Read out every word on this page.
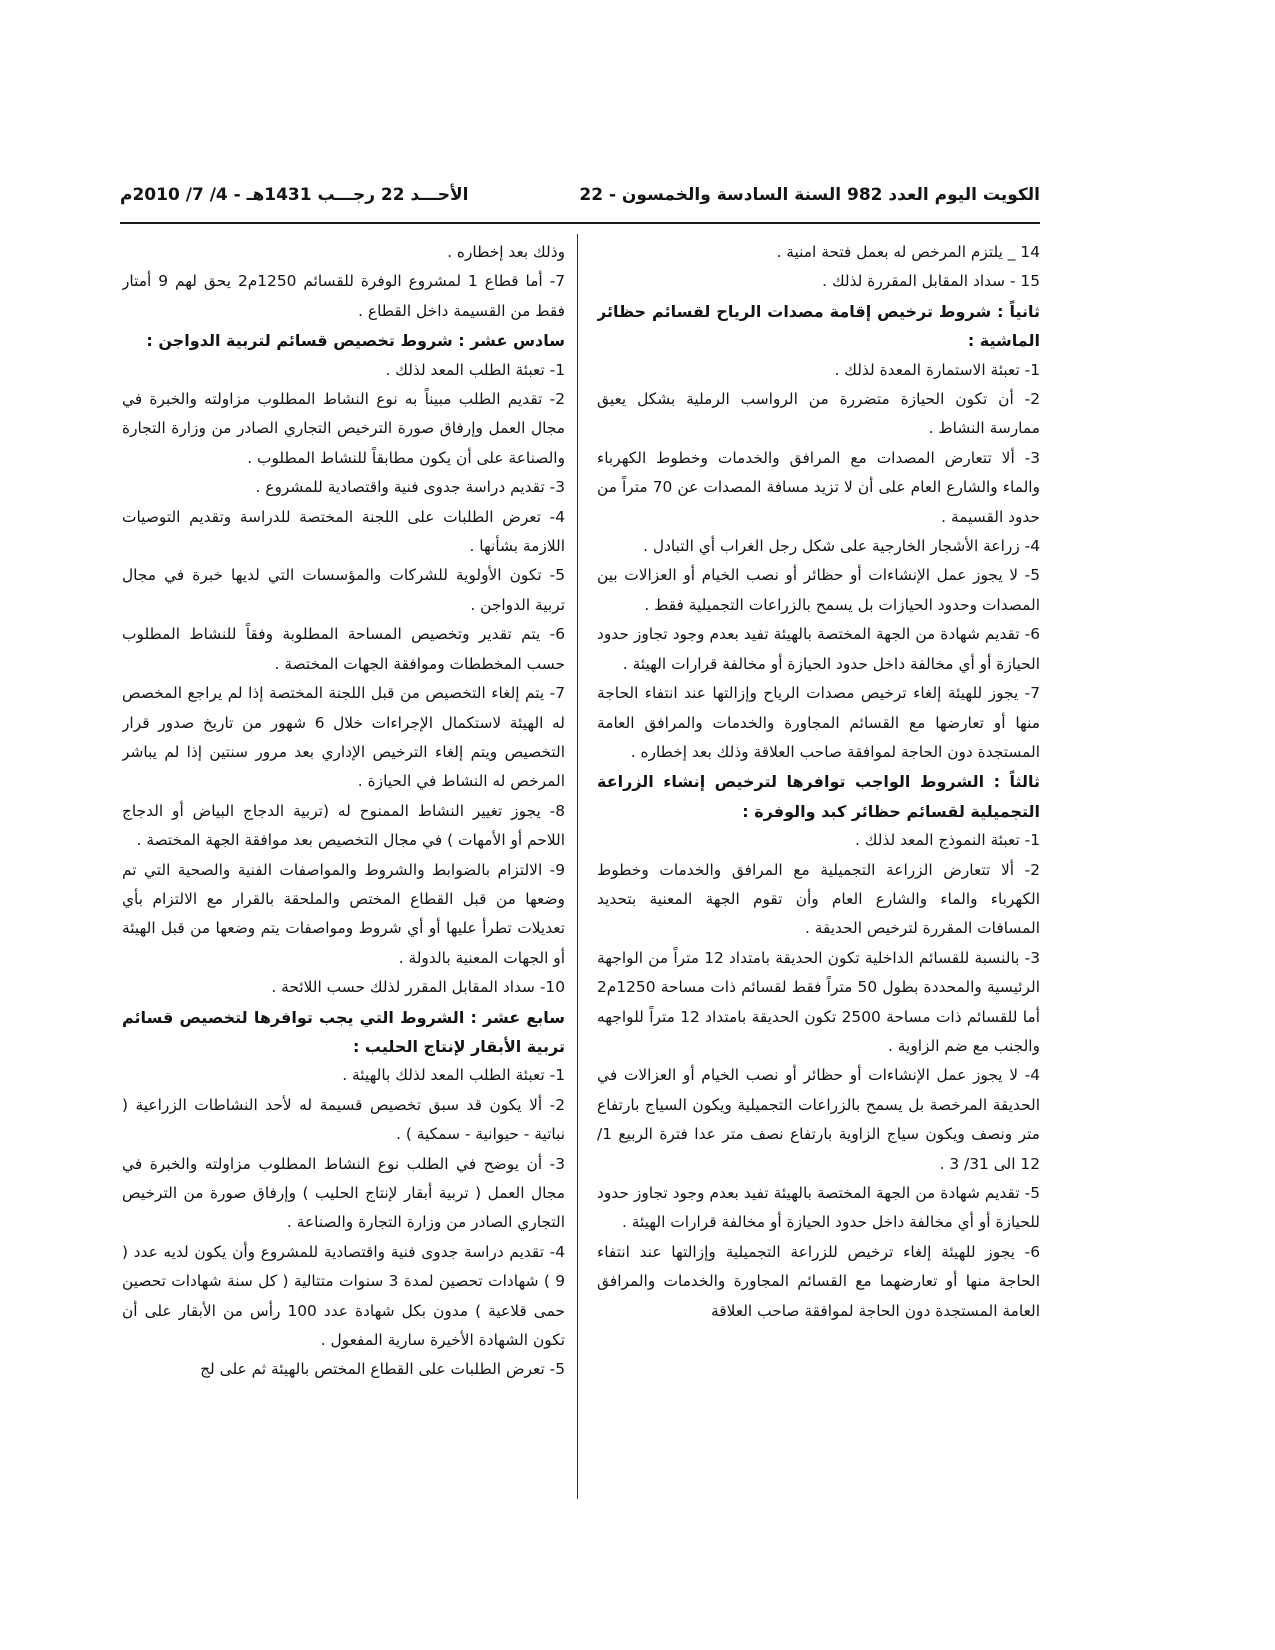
الكويت اليوم العدد 982 السنة السادسة والخمسون - 22
الأحـــد 22 رجـــب 1431هـ - 4/ 7/ 2010م

14 _ يلتزم المرخص له بعمل فتحة امنية .

15 - سداد المقابل المقررة لذلك .

ثانياً : شروط ترخيص إقامة مصدات الرياح لقسائم حظائر الماشية :

1- تعبئة الاستمارة المعدة لذلك .

2- أن تكون الحيازة متضررة من الرواسب الرملية بشكل يعيق ممارسة النشاط .

3- ألا تتعارض المصدات مع المرافق والخدمات وخطوط الكهرباء والماء والشارع العام على أن لا تزيد مسافة المصدات عن 70 متراً من حدود القسيمة .

4- زراعة الأشجار الخارجية على شكل رجل الغراب أي التبادل .

5- لا يجوز عمل الإنشاءات أو حظائر أو نصب الخيام أو العزالات بين المصدات وحدود الحيازات بل يسمح بالزراعات التجميلية فقط .

6- تقديم شهادة من الجهة المختصة بالهيئة تفيد بعدم وجود تجاوز حدود الحيازة أو أي مخالفة داخل حدود الحيازة أو مخالفة قرارات الهيئة .

7- يجوز للهيئة إلغاء ترخيص مصدات الرياح وإزالتها عند انتفاء الحاجة منها أو تعارضها مع القسائم المجاورة والخدمات والمرافق العامة المستجدة دون الحاجة لموافقة صاحب العلاقة وذلك بعد إخطاره .

ثالثاً : الشروط الواجب توافرها لترخيص إنشاء الزراعة التجميلية لقسائم حظائر كبد والوفرة :

1- تعبئة النموذج المعد لذلك .

2- ألا تتعارض الزراعة التجميلية مع المرافق والخدمات وخطوط الكهرباء والماء والشارع العام وأن تقوم الجهة المعنية بتحديد المسافات المقررة لترخيص الحديقة .

3- بالنسبة للقسائم الداخلية تكون الحديقة بامتداد 12 متراً من الواجهة الرئيسية والمحددة بطول 50 متراً فقط لقسائم ذات مساحة 1250م2 أما للقسائم ذات مساحة 2500 تكون الحديقة بامتداد 12 متراً للواجهه والجنب مع ضم الزاوية .

4- لا يجوز عمل الإنشاءات أو حظائر أو نصب الخيام أو العزالات في الحديقة المرخصة بل يسمح بالزراعات التجميلية ويكون السياج بارتفاع متر ونصف ويكون سياج الزاوية بارتفاع نصف متر عدا فترة الربيع 1/ 12 الى 31/ 3 .

5- تقديم شهادة من الجهة المختصة بالهيئة تفيد بعدم وجود تجاوز حدود للحيازة أو أي مخالفة داخل حدود الحيازة أو مخالفة قرارات الهيئة .

6- يجوز للهيئة إلغاء ترخيص للزراعة التجميلية وإزالتها عند انتفاء الحاجة منها أو تعارضهما مع القسائم المجاورة والخدمات والمرافق العامة المستجدة دون الحاجة لموافقة صاحب العلاقة

وذلك بعد إخطاره .

7- أما قطاع 1 لمشروع الوفرة للقسائم 1250م2 يحق لهم 9 أمتار فقط من القسيمة داخل القطاع .

سادس عشر : شروط تخصيص قسائم لتربية الدواجن :

1- تعبئة الطلب المعد لذلك .

2- تقديم الطلب مبيناً به نوع النشاط المطلوب مزاولته والخبرة في مجال العمل وإرفاق صورة الترخيص التجاري الصادر من وزارة التجارة والصناعة على أن يكون مطابقاً للنشاط المطلوب .

3- تقديم دراسة جدوى فنية واقتصادية للمشروع .

4- تعرض الطلبات على اللجنة المختصة للدراسة وتقديم التوصيات اللازمة بشأنها .

5- تكون الأولوية للشركات والمؤسسات التي لديها خبرة في مجال تربية الدواجن .

6- يتم تقدير وتخصيص المساحة المطلوبة وفقاً للنشاط المطلوب حسب المخططات وموافقة الجهات المختصة .

7- يتم إلغاء التخصيص من قبل اللجنة المختصة إذا لم يراجع المخصص له الهيئة لاستكمال الإجراءات خلال 6 شهور من تاريخ صدور قرار التخصيص ويتم إلغاء الترخيص الإداري بعد مرور سنتين إذا لم يباشر المرخص له النشاط في الحيازة .

8- يجوز تغيير النشاط الممنوح له (تربية الدجاج البياض أو الدجاج اللاحم أو الأمهات ) في مجال التخصيص بعد موافقة الجهة المختصة .

9- الالتزام بالضوابط والشروط والمواصفات الفنية والصحية التي تم وضعها من قبل القطاع المختص والملحقة بالقرار مع الالتزام بأي تعديلات تطرأ عليها أو أي شروط ومواصفات يتم وضعها من قبل الهيئة أو الجهات المعنية بالدولة .

10- سداد المقابل المقرر لذلك حسب اللائحة .

سابع عشر : الشروط التي يجب توافرها لتخصيص قسائم تربية الأبقار لإنتاج الحليب :

1- تعبئة الطلب المعد لذلك بالهيئة .

2- ألا يكون قد سبق تخصيص قسيمة له لأحد النشاطات الزراعية ( نباتية - حيوانية - سمكية ) .

3- أن يوضح في الطلب نوع النشاط المطلوب مزاولته والخبرة في مجال العمل ( تربية أبقار لإنتاج الحليب ) وإرفاق صورة من الترخيص التجاري الصادر من وزارة التجارة والصناعة .

4- تقديم دراسة جدوى فنية واقتصادية للمشروع وأن يكون لديه عدد ( 9 ) شهادات تحصين لمدة 3 سنوات متتالية ( كل سنة شهادات تحصين حمى قلاعية ) مدون بكل شهادة عدد 100 رأس من الأبقار على أن تكون الشهادة الأخيرة سارية المفعول .

5- تعرض الطلبات على القطاع المختص بالهيئة ثم على لج
